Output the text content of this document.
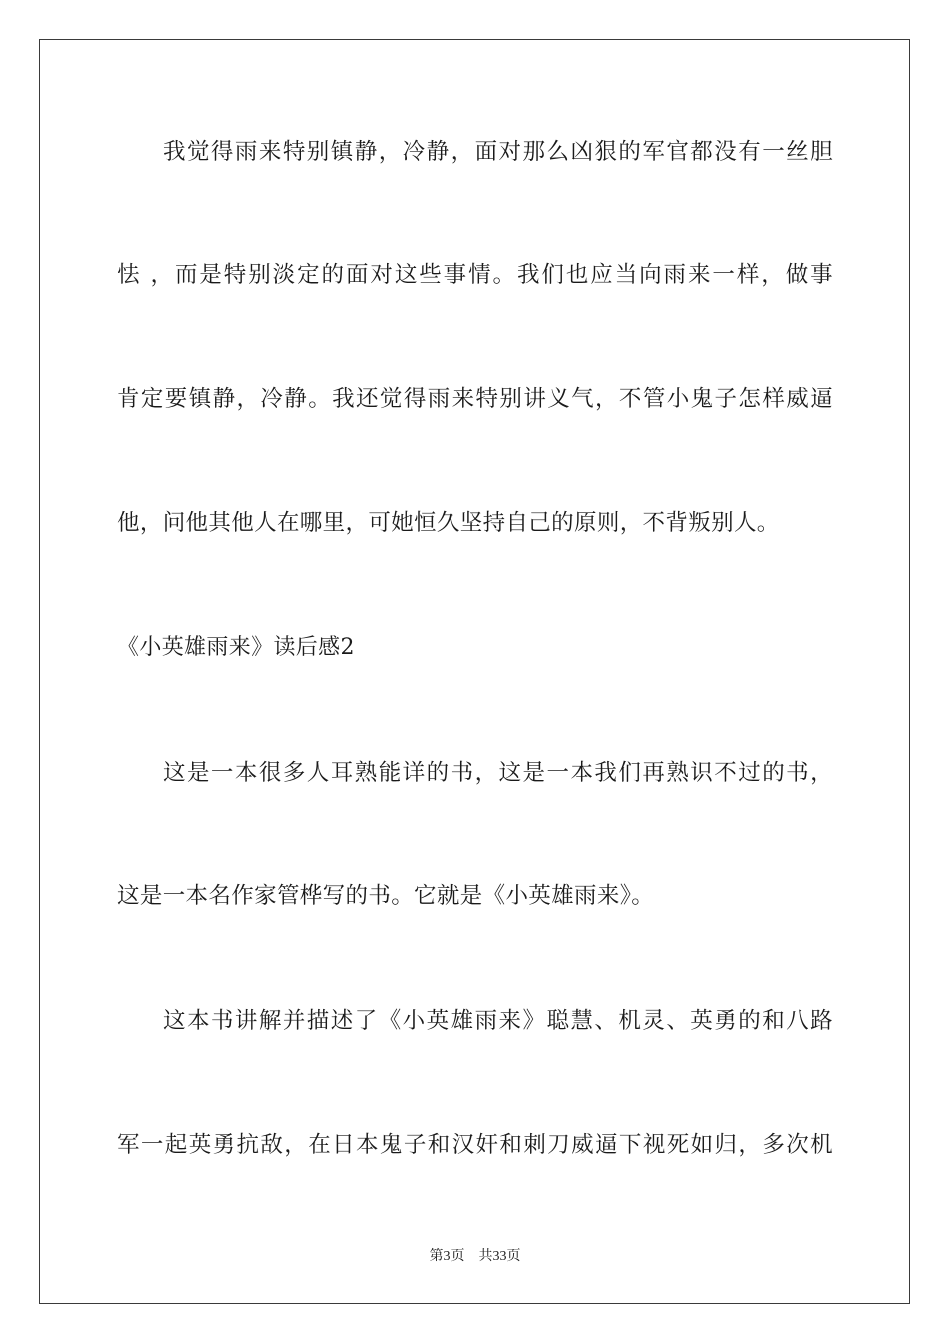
我觉得雨来特别镇静，冷静，面对那么凶狠的军官都没有一丝胆
怯 ，而是特别淡定的面对这些事情。我们也应当向雨来一样，做事
肯定要镇静，冷静。我还觉得雨来特别讲义气，不管小鬼子怎样威逼
他，问他其他人在哪里，可她恒久坚持自己的原则，不背叛别人。
《小英雄雨来》读后感2
这是一本很多人耳熟能详的书，这是一本我们再熟识不过的书，
这是一本名作家管桦写的书。它就是《小英雄雨来》。
这本书讲解并描述了《小英雄雨来》聪慧、机灵、英勇的和八路
军一起英勇抗敌，在日本鬼子和汉奸和刺刀威逼下视死如归，多次机
第3页 共33页
